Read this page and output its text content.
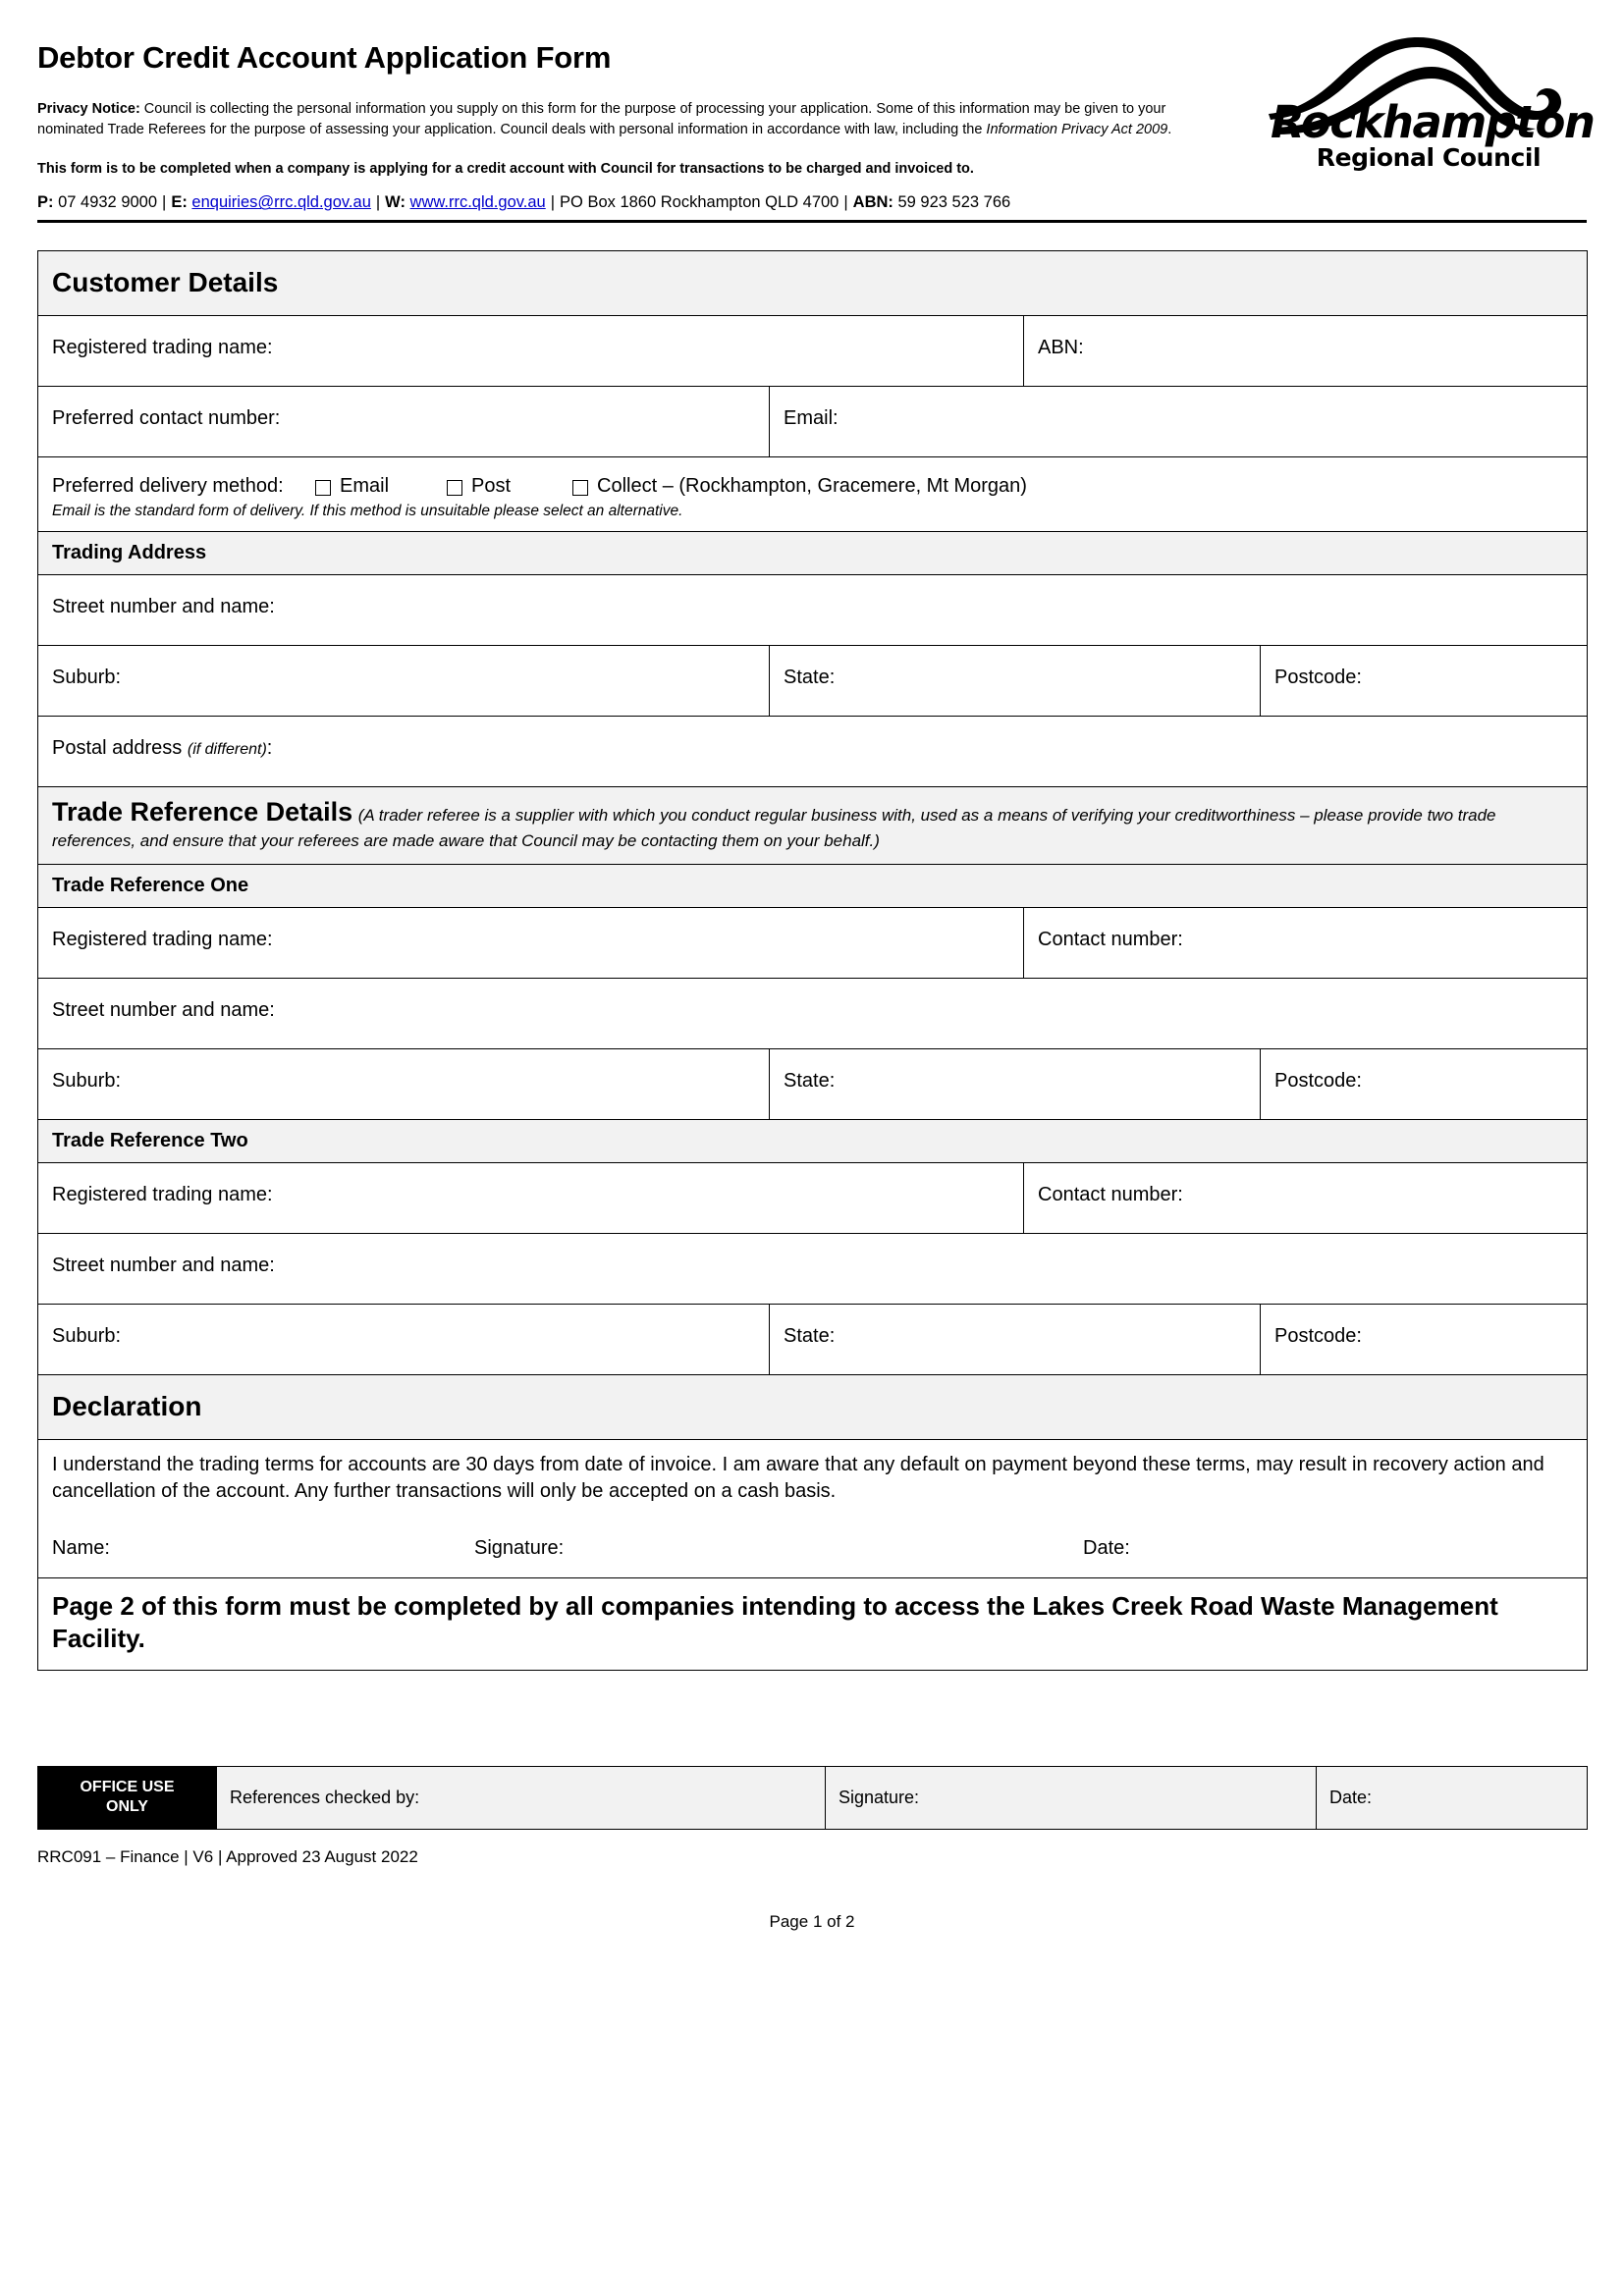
Rockhampton
Regional Council
Debtor Credit Account Application Form

Privacy Notice: Council is collecting the personal information you supply on this form for the purpose of processing your application. Some of this information may be given to your nominated Trade Referees for the purpose of assessing your application. Council deals with personal information in accordance with law, including the Information Privacy Act 2009.

This form is to be completed when a company is applying for a credit account with Council for transactions to be charged and invoiced to.

P: 07 4932 9000 | E: enquiries@rrc.qld.gov.au | W: www.rrc.qld.gov.au | PO Box 1860 Rockhampton QLD 4700 | ABN: 59 923 523 766
Customer Details			

Registered trading name:		ABN:	

Preferred contact number:	Email:		

Preferred delivery method: Email Post Collect – (Rockhampton, Gracemere, Mt Morgan)
Email is the standard form of delivery. If this method is unsuitable please select an alternative.			

Trading Address			

Street number and name:			

Suburb:	State:		Postcode:

Postal address (if different):			

Trade Reference Details (A trader referee is a supplier with which you conduct regular business with, used as a means of verifying your creditworthiness – please provide two trade references, and ensure that your referees are made aware that Council may be contacting them on your behalf.)			

Trade Reference One			

Registered trading name:		Contact number:	

Street number and name:			

Suburb:	State:		Postcode:

Trade Reference Two			

Registered trading name:		Contact number:	

Street number and name:			

Suburb:	State:		Postcode:

Declaration			

I understand the trading terms for accounts are 30 days from date of invoice. I am aware that any default on payment beyond these terms, may result in recovery action and cancellation of the account. Any further transactions will only be accepted on a cash basis.
Name: Signature: Date:			

Page 2 of this form must be completed by all companies intending to access the Lakes Creek Road Waste Management Facility.			
OFFICE USE
ONLY	References checked by:	Signature:	Date:
RRC091 – Finance | V6 | Approved 23 August 2022
Page 1 of 2
